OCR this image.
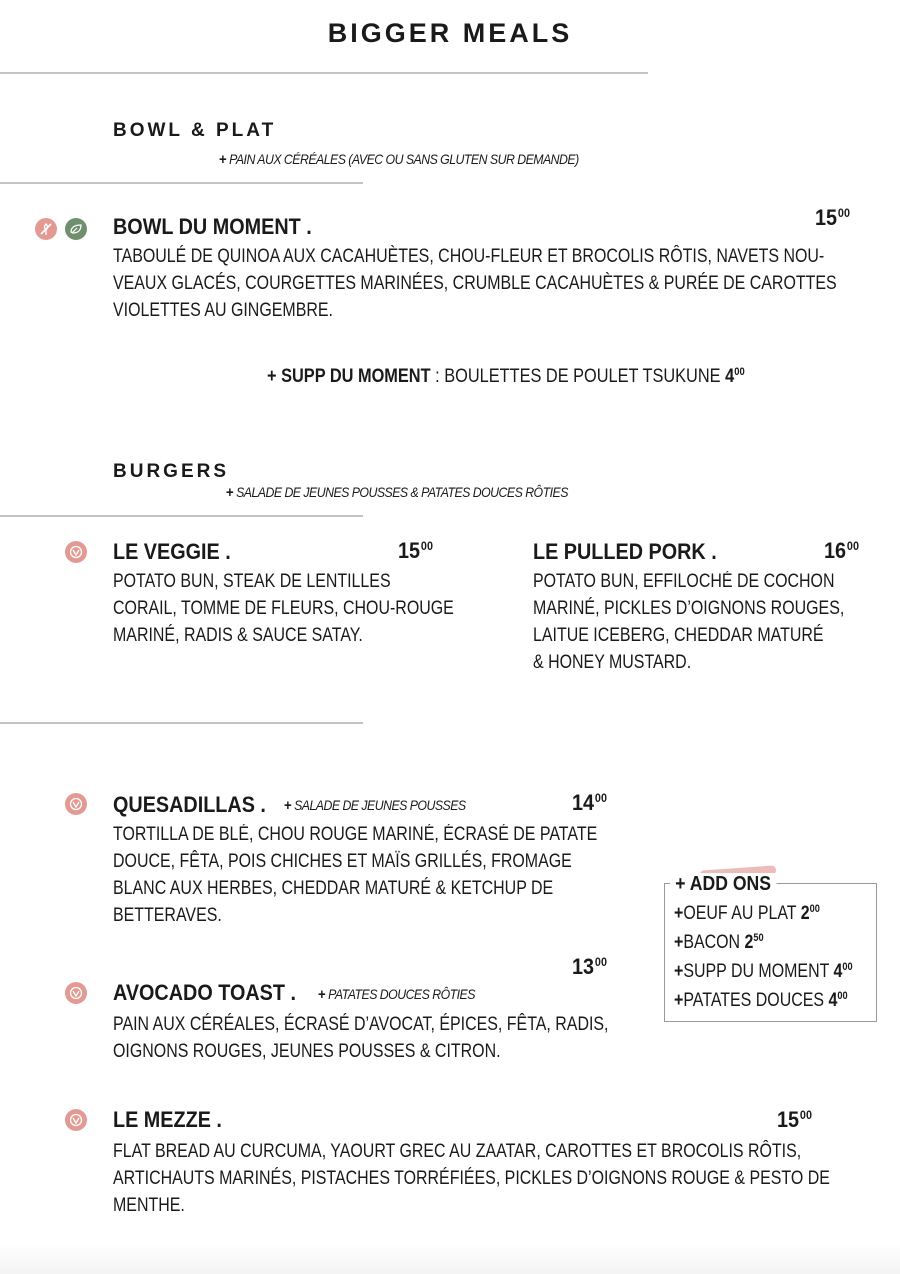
BIGGER MEALS
BOWL & PLAT
+ PAIN AUX CÉRÉALES (AVEC OU SANS GLUTEN SUR DEMANDE)
BOWL DU MOMENT .	$15^{00}$
TABOULÉ DE QUINOA AUX CACAHUÈTES, CHOU-FLEUR ET BROCOLIS RÔTIS, NAVETS NOU-
VEAUX GLACÉS, COURGETTES MARINÉES, CRUMBLE CACAHUÈTES & PURÉE DE CAROTTES
VIOLETTES AU GINGEMBRE.
+ SUPP DU MOMENT : BOULETTES DE POULET TSUKUNE $4^{00}$
BURGERS
+ SALADE DE JEUNES POUSSES & PATATES DOUCES RÔTIES
LE VEGGIE .	$15^{00}$
POTATO BUN, STEAK DE LENTILLES
CORAIL, TOMME DE FLEURS, CHOU-ROUGE
MARINÉ, RADIS & SAUCE SATAY.
LE PULLED PORK .	$16^{00}$
POTATO BUN, EFFILOCHÉ DE COCHON
MARINÉ, PICKLES D’OIGNONS ROUGES,
LAITUE ICEBERG, CHEDDAR MATURÉ
& HONEY MUSTARD.
QUESADILLAS . + SALADE DE JEUNES POUSSES	$14^{00}$
TORTILLA DE BLÉ, CHOU ROUGE MARINÉ, ÉCRASÉ DE PATATE
DOUCE, FÊTA, POIS CHICHES ET MAÏS GRILLÉS, FROMAGE
BLANC AUX HERBES, CHEDDAR MATURÉ & KETCHUP DE
BETTERAVES.
+ ADD ONS
+OEUF AU PLAT $2^{00}$
+BACON $2^{50}$
+SUPP DU MOMENT $4^{00}$
+PATATES DOUCES $4^{00}$
$13^{00}$
AVOCADO TOAST . + PATATES DOUCES RÔTIES
PAIN AUX CÉRÉALES, ÉCRASÉ D’AVOCAT, ÉPICES, FÊTA, RADIS,
OIGNONS ROUGES, JEUNES POUSSES & CITRON.
LE MEZZE .	$15^{00}$
FLAT BREAD AU CURCUMA, YAOURT GREC AU ZAATAR, CAROTTES ET BROCOLIS RÔTIS,
ARTICHAUTS MARINÉS, PISTACHES TORRÉFIÉES, PICKLES D’OIGNONS ROUGE & PESTO DE
MENTHE.
